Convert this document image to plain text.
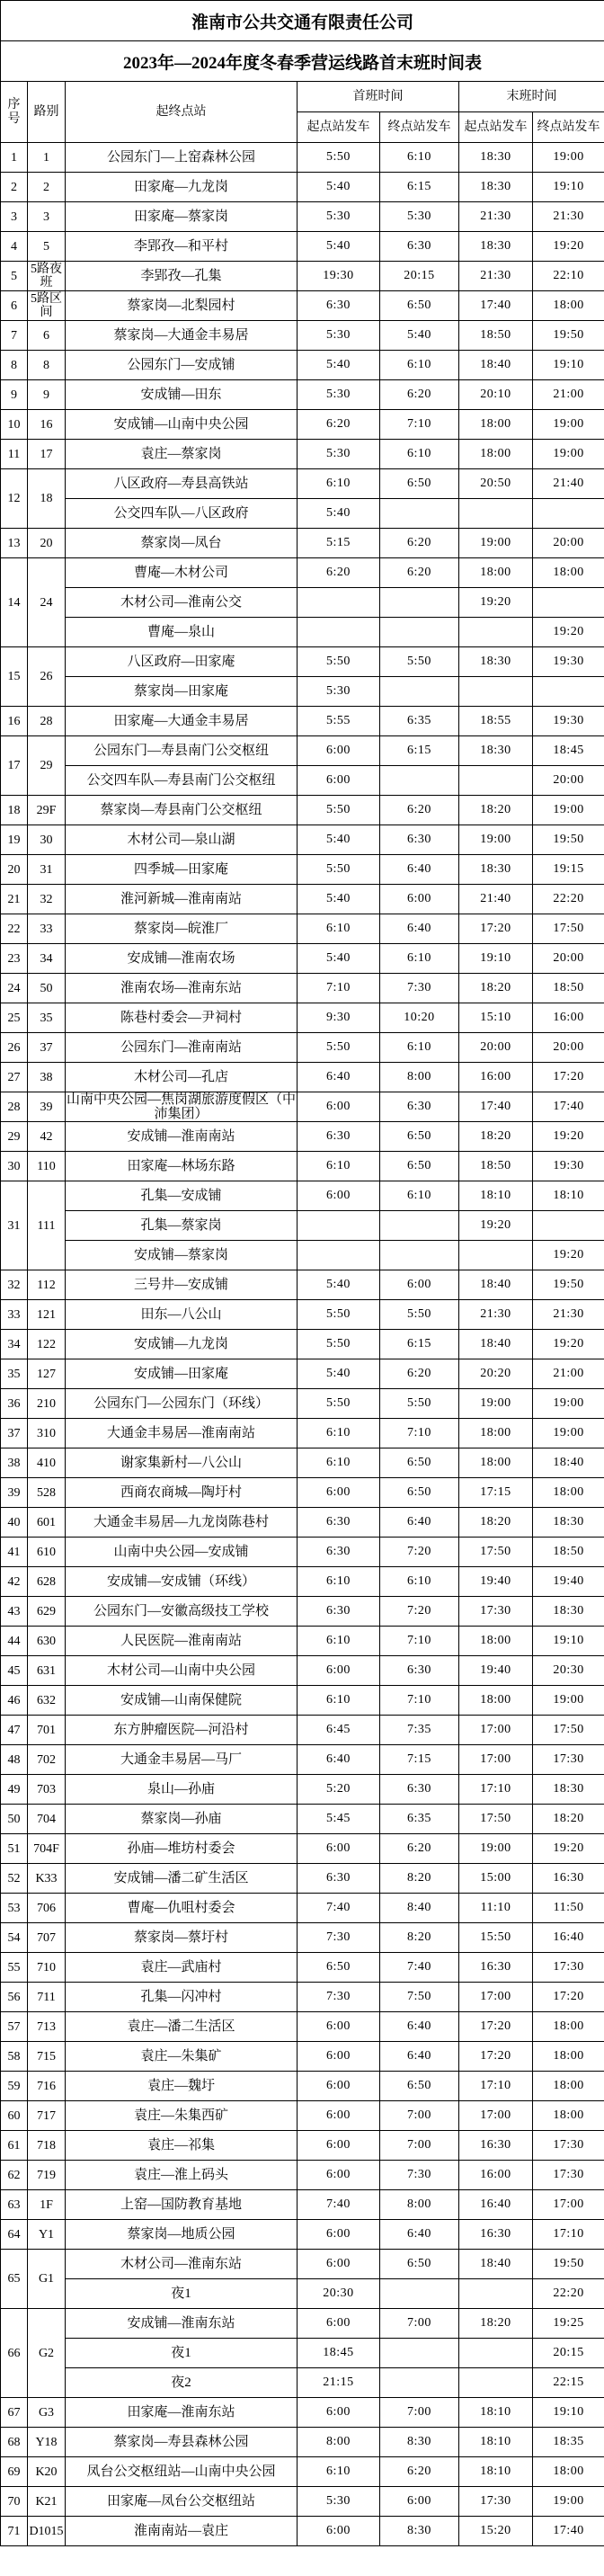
淮南市公共交通有限责任公司						
2023年—2024年度冬春季营运线路首末班时间表						
序号	路别	起终点站	首班时间		末班时间	
			起点站发车	终点站发车	起点站发车	终点站发车
1	1	公园东门—上窑森林公园	5:50	6:10	18:30	19:00
2	2	田家庵—九龙岗	5:40	6:15	18:30	19:10
3	3	田家庵—蔡家岗	5:30	5:30	21:30	21:30
4	5	李郢孜—和平村	5:40	6:30	18:30	19:20
5	5路夜班	李郢孜—孔集	19:30	20:15	21:30	22:10
6	5路区间	蔡家岗—北梨园村	6:30	6:50	17:40	18:00
7	6	蔡家岗—大通金丰易居	5:30	5:40	18:50	19:50
8	8	公园东门—安成铺	5:40	6:10	18:40	19:10
9	9	安成铺—田东	5:30	6:20	20:10	21:00
10	16	安成铺—山南中央公园	6:20	7:10	18:00	19:00
11	17	袁庄—蔡家岗	5:30	6:10	18:00	19:00
12	18	八区政府—寿县高铁站	6:10	6:50	20:50	21:40
		公交四车队—八区政府	5:40			
13	20	蔡家岗—凤台	5:15	6:20	19:00	20:00
14	24	曹庵—木材公司	6:20	6:20	18:00	18:00
		木材公司—淮南公交			19:20	
		曹庵—泉山				19:20
15	26	八区政府—田家庵	5:50	5:50	18:30	19:30
		蔡家岗—田家庵	5:30			
16	28	田家庵—大通金丰易居	5:55	6:35	18:55	19:30
17	29	公园东门—寿县南门公交枢纽	6:00	6:15	18:30	18:45
		公交四车队—寿县南门公交枢纽	6:00			20:00
18	29F	蔡家岗—寿县南门公交枢纽	5:50	6:20	18:20	19:00
19	30	木材公司—泉山湖	5:40	6:30	19:00	19:50
20	31	四季城—田家庵	5:50	6:40	18:30	19:15
21	32	淮河新城—淮南南站	5:40	6:00	21:40	22:20
22	33	蔡家岗—皖淮厂	6:10	6:40	17:20	17:50
23	34	安成铺—淮南农场	5:40	6:10	19:10	20:00
24	50	淮南农场—淮南东站	7:10	7:30	18:20	18:50
25	35	陈巷村委会—尹祠村	9:30	10:20	15:10	16:00
26	37	公园东门—淮南南站	5:50	6:10	20:00	20:00
27	38	木材公司—孔店	6:40	8:00	16:00	17:20
28	39	山南中央公园—焦岗湖旅游度假区（中沛集团）	6:00	6:30	17:40	17:40
29	42	安成铺—淮南南站	6:30	6:50	18:20	19:20
30	110	田家庵—林场东路	6:10	6:50	18:50	19:30
31	111	孔集—安成铺	6:00	6:10	18:10	18:10
		孔集—蔡家岗			19:20	
		安成铺—蔡家岗				19:20
32	112	三号井—安成铺	5:40	6:00	18:40	19:50
33	121	田东—八公山	5:50	5:50	21:30	21:30
34	122	安成铺—九龙岗	5:50	6:15	18:40	19:20
35	127	安成铺—田家庵	5:40	6:20	20:20	21:00
36	210	公园东门—公园东门（环线）	5:50	5:50	19:00	19:00
37	310	大通金丰易居—淮南南站	6:10	7:10	18:00	19:00
38	410	谢家集新村—八公山	6:10	6:50	18:00	18:40
39	528	西商农商城—陶圩村	6:00	6:50	17:15	18:00
40	601	大通金丰易居—九龙岗陈巷村	6:30	6:40	18:20	18:30
41	610	山南中央公园—安成铺	6:30	7:20	17:50	18:50
42	628	安成铺—安成铺（环线）	6:10	6:10	19:40	19:40
43	629	公园东门—安徽高级技工学校	6:30	7:20	17:30	18:30
44	630	人民医院—淮南南站	6:10	7:10	18:00	19:10
45	631	木材公司—山南中央公园	6:00	6:30	19:40	20:30
46	632	安成铺—山南保健院	6:10	7:10	18:00	19:00
47	701	东方肿瘤医院—河沿村	6:45	7:35	17:00	17:50
48	702	大通金丰易居—马厂	6:40	7:15	17:00	17:30
49	703	泉山—孙庙	5:20	6:30	17:10	18:30
50	704	蔡家岗—孙庙	5:45	6:35	17:50	18:20
51	704F	孙庙—堆坊村委会	6:00	6:20	19:00	19:20
52	K33	安成铺—潘二矿生活区	6:30	8:20	15:00	16:30
53	706	曹庵—仇咀村委会	7:40	8:40	11:10	11:50
54	707	蔡家岗—蔡圩村	7:30	8:20	15:50	16:40
55	710	袁庄—武庙村	6:50	7:40	16:30	17:30
56	711	孔集—闪冲村	7:30	7:50	17:00	17:20
57	713	袁庄—潘二生活区	6:00	6:40	17:20	18:00
58	715	袁庄—朱集矿	6:00	6:40	17:20	18:00
59	716	袁庄—魏圩	6:00	6:50	17:10	18:00
60	717	袁庄—朱集西矿	6:00	7:00	17:00	18:00
61	718	袁庄—祁集	6:00	7:00	16:30	17:30
62	719	袁庄—淮上码头	6:00	7:30	16:00	17:30
63	1F	上窑—国防教育基地	7:40	8:00	16:40	17:00
64	Y1	蔡家岗—地质公园	6:00	6:40	16:30	17:10
65	G1	木材公司—淮南东站	6:00	6:50	18:40	19:50
		夜1	20:30			22:20
66	G2	安成铺—淮南东站	6:00	7:00	18:20	19:25
		夜1	18:45			20:15
		夜2	21:15			22:15
67	G3	田家庵—淮南东站	6:00	7:00	18:10	19:10
68	Y18	蔡家岗—寿县森林公园	8:00	8:30	18:10	18:35
69	K20	凤台公交枢纽站—山南中央公园	6:10	6:20	18:10	18:00
70	K21	田家庵—凤台公交枢纽站	5:30	6:00	17:30	19:00
71	D1015	淮南南站—袁庄	6:00	8:30	15:20	17:40
